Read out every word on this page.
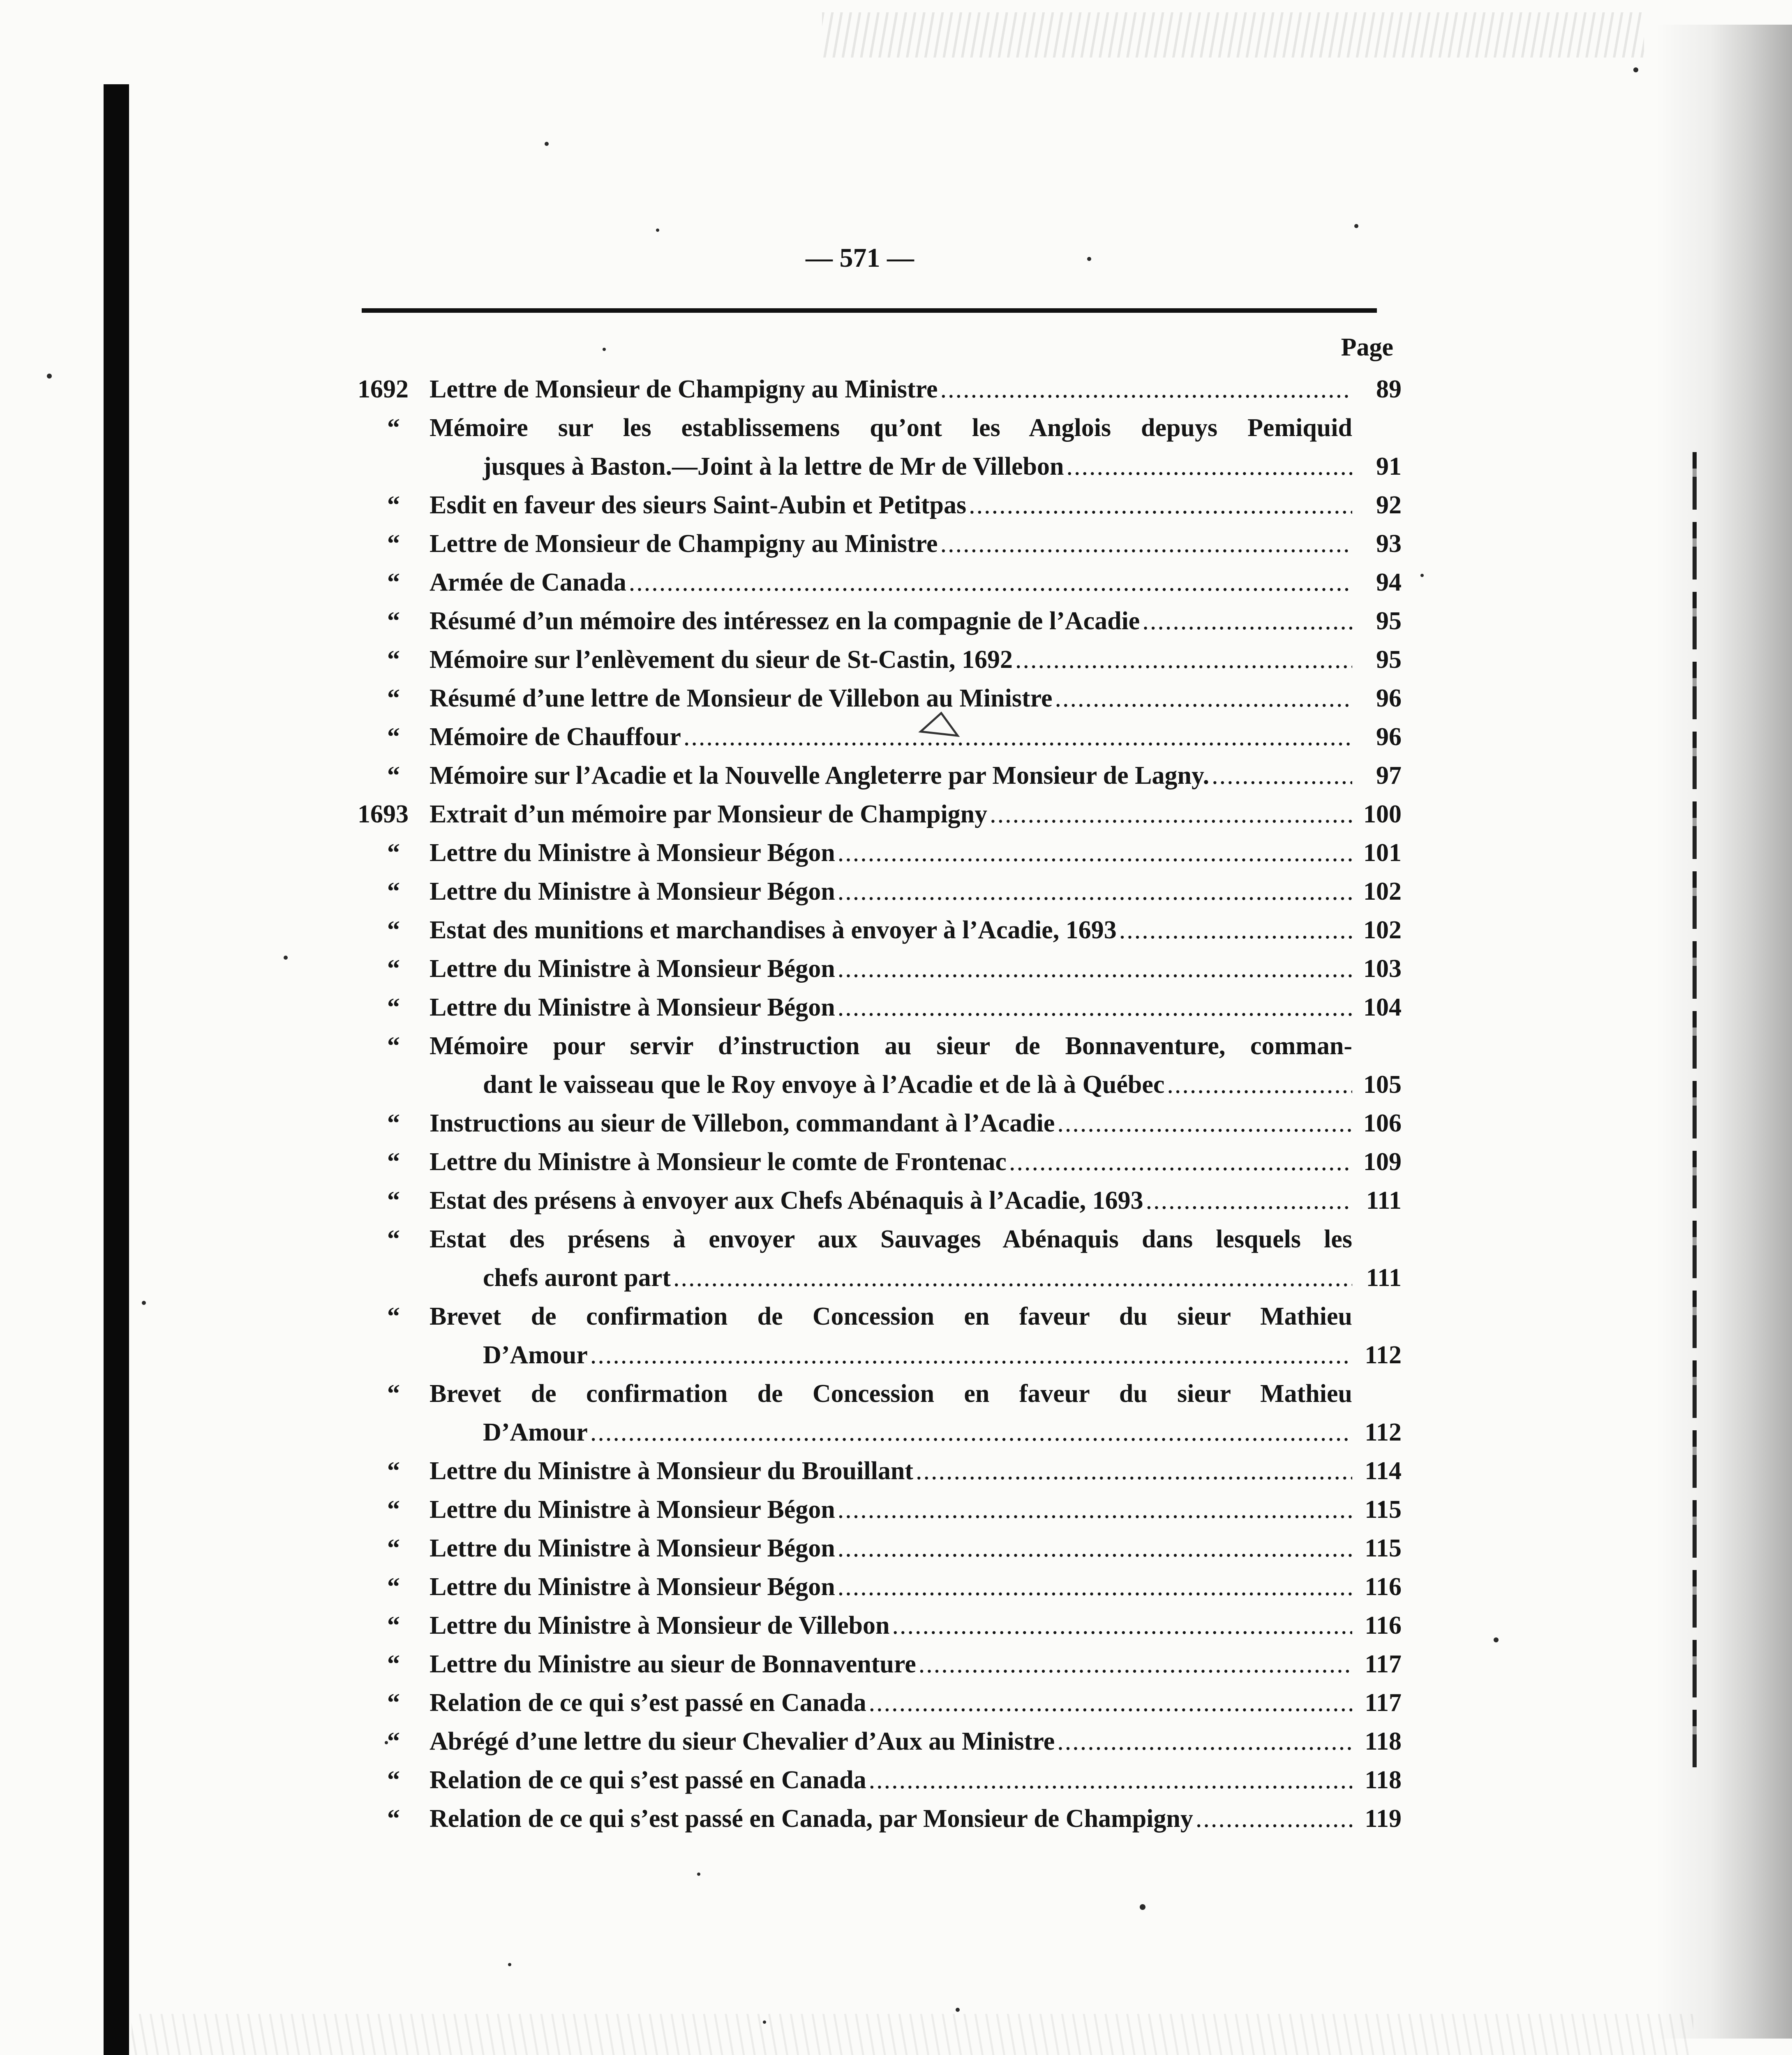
— 571 —
Page
1692 Lettre de Monsieur de Champigny au Ministre .....	89
“	Mémoire sur les establissemens qu’ont les Anglois depuys Pemiquid
jusques à Baston.—Joint à la lettre de Mr de Villebon .....	91
“	Esdit en faveur des sieurs Saint-Aubin et Petitpas .....	92
“	Lettre de Monsieur de Champigny au Ministre .....	93
“	Armée de Canada .....	94
“	Résumé d’un mémoire des intéressez en la compagnie de l’Acadie .....	95
“	Mémoire sur l’enlèvement du sieur de St-Castin, 1692 .....	95
“	Résumé d’une lettre de Monsieur de Villebon au Ministre .....	96
“	Mémoire de Chauffour .....	96
“	Mémoire sur l’Acadie et la Nouvelle Angleterre par Monsieur de Lagny. .....	97
1693 Extrait d’un mémoire par Monsieur de Champigny .....	100
“	Lettre du Ministre à Monsieur Bégon .....	101
“	Lettre du Ministre à Monsieur Bégon .....	102
“	Estat des munitions et marchandises à envoyer à l’Acadie, 1693 .....	102
“	Lettre du Ministre à Monsieur Bégon .....	103
“	Lettre du Ministre à Monsieur Bégon .....	104
“	Mémoire pour servir d’instruction au sieur de Bonnaventure, comman-
dant le vaisseau que le Roy envoye à l’Acadie et de là à Québec .....	105
“	Instructions au sieur de Villebon, commandant à l’Acadie .....	106
“	Lettre du Ministre à Monsieur le comte de Frontenac .....	109
“	Estat des présens à envoyer aux Chefs Abénaquis à l’Acadie, 1693 .....	111
“	Estat des présens à envoyer aux Sauvages Abénaquis dans lesquels les
chefs auront part .....	111
“	Brevet de confirmation de Concession en faveur du sieur Mathieu
D’Amour .....	112
“	Brevet de confirmation de Concession en faveur du sieur Mathieu
D’Amour .....	112
“	Lettre du Ministre à Monsieur du Brouillant .....	114
“	Lettre du Ministre à Monsieur Bégon .....	115
“	Lettre du Ministre à Monsieur Bégon .....	115
“	Lettre du Ministre à Monsieur Bégon .....	116
“	Lettre du Ministre à Monsieur de Villebon .....	116
“	Lettre du Ministre au sieur de Bonnaventure .....	117
“	Relation de ce qui s’est passé en Canada .....	117
“	Abrégé d’une lettre du sieur Chevalier d’Aux au Ministre .....	118
“	Relation de ce qui s’est passé en Canada .....	118
“	Relation de ce qui s’est passé en Canada, par Monsieur de Champigny .....	119
